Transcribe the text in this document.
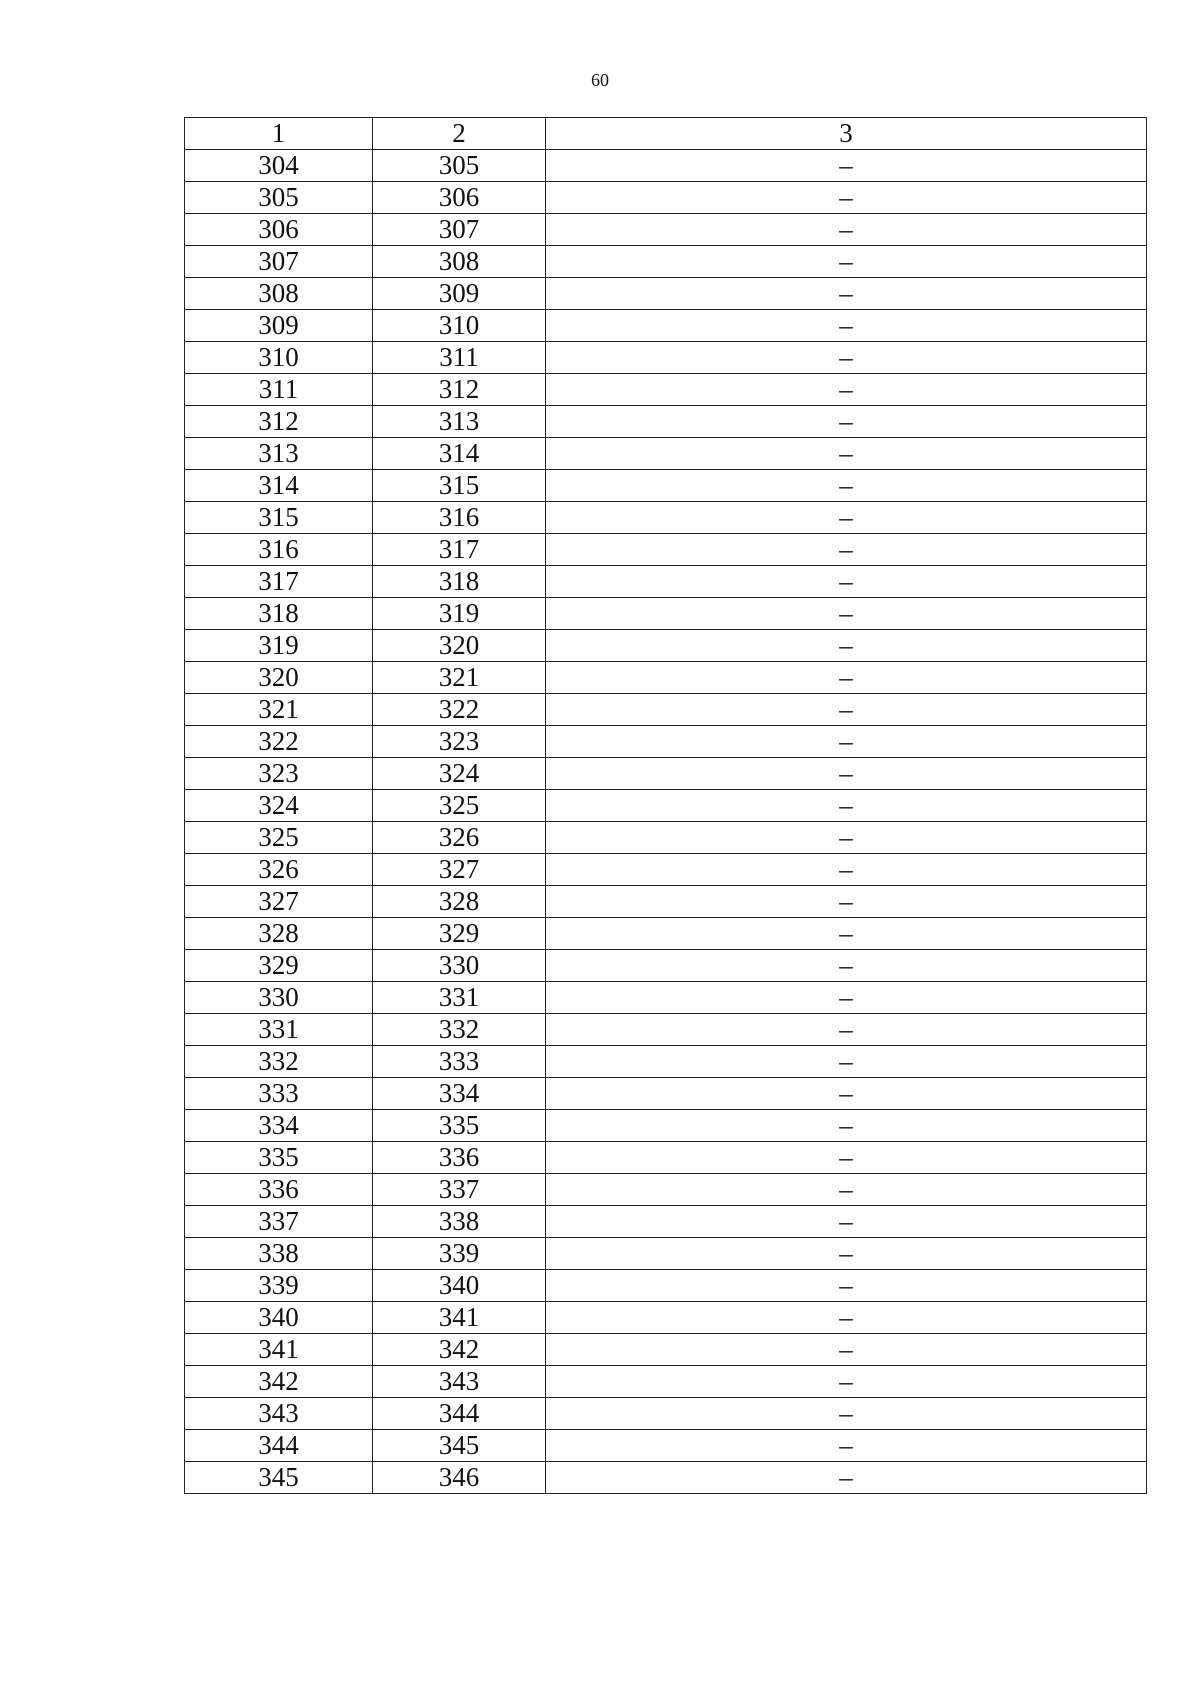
60
1	2	3
304	305	–
305	306	–
306	307	–
307	308	–
308	309	–
309	310	–
310	311	–
311	312	–
312	313	–
313	314	–
314	315	–
315	316	–
316	317	–
317	318	–
318	319	–
319	320	–
320	321	–
321	322	–
322	323	–
323	324	–
324	325	–
325	326	–
326	327	–
327	328	–
328	329	–
329	330	–
330	331	–
331	332	–
332	333	–
333	334	–
334	335	–
335	336	–
336	337	–
337	338	–
338	339	–
339	340	–
340	341	–
341	342	–
342	343	–
343	344	–
344	345	–
345	346	–
